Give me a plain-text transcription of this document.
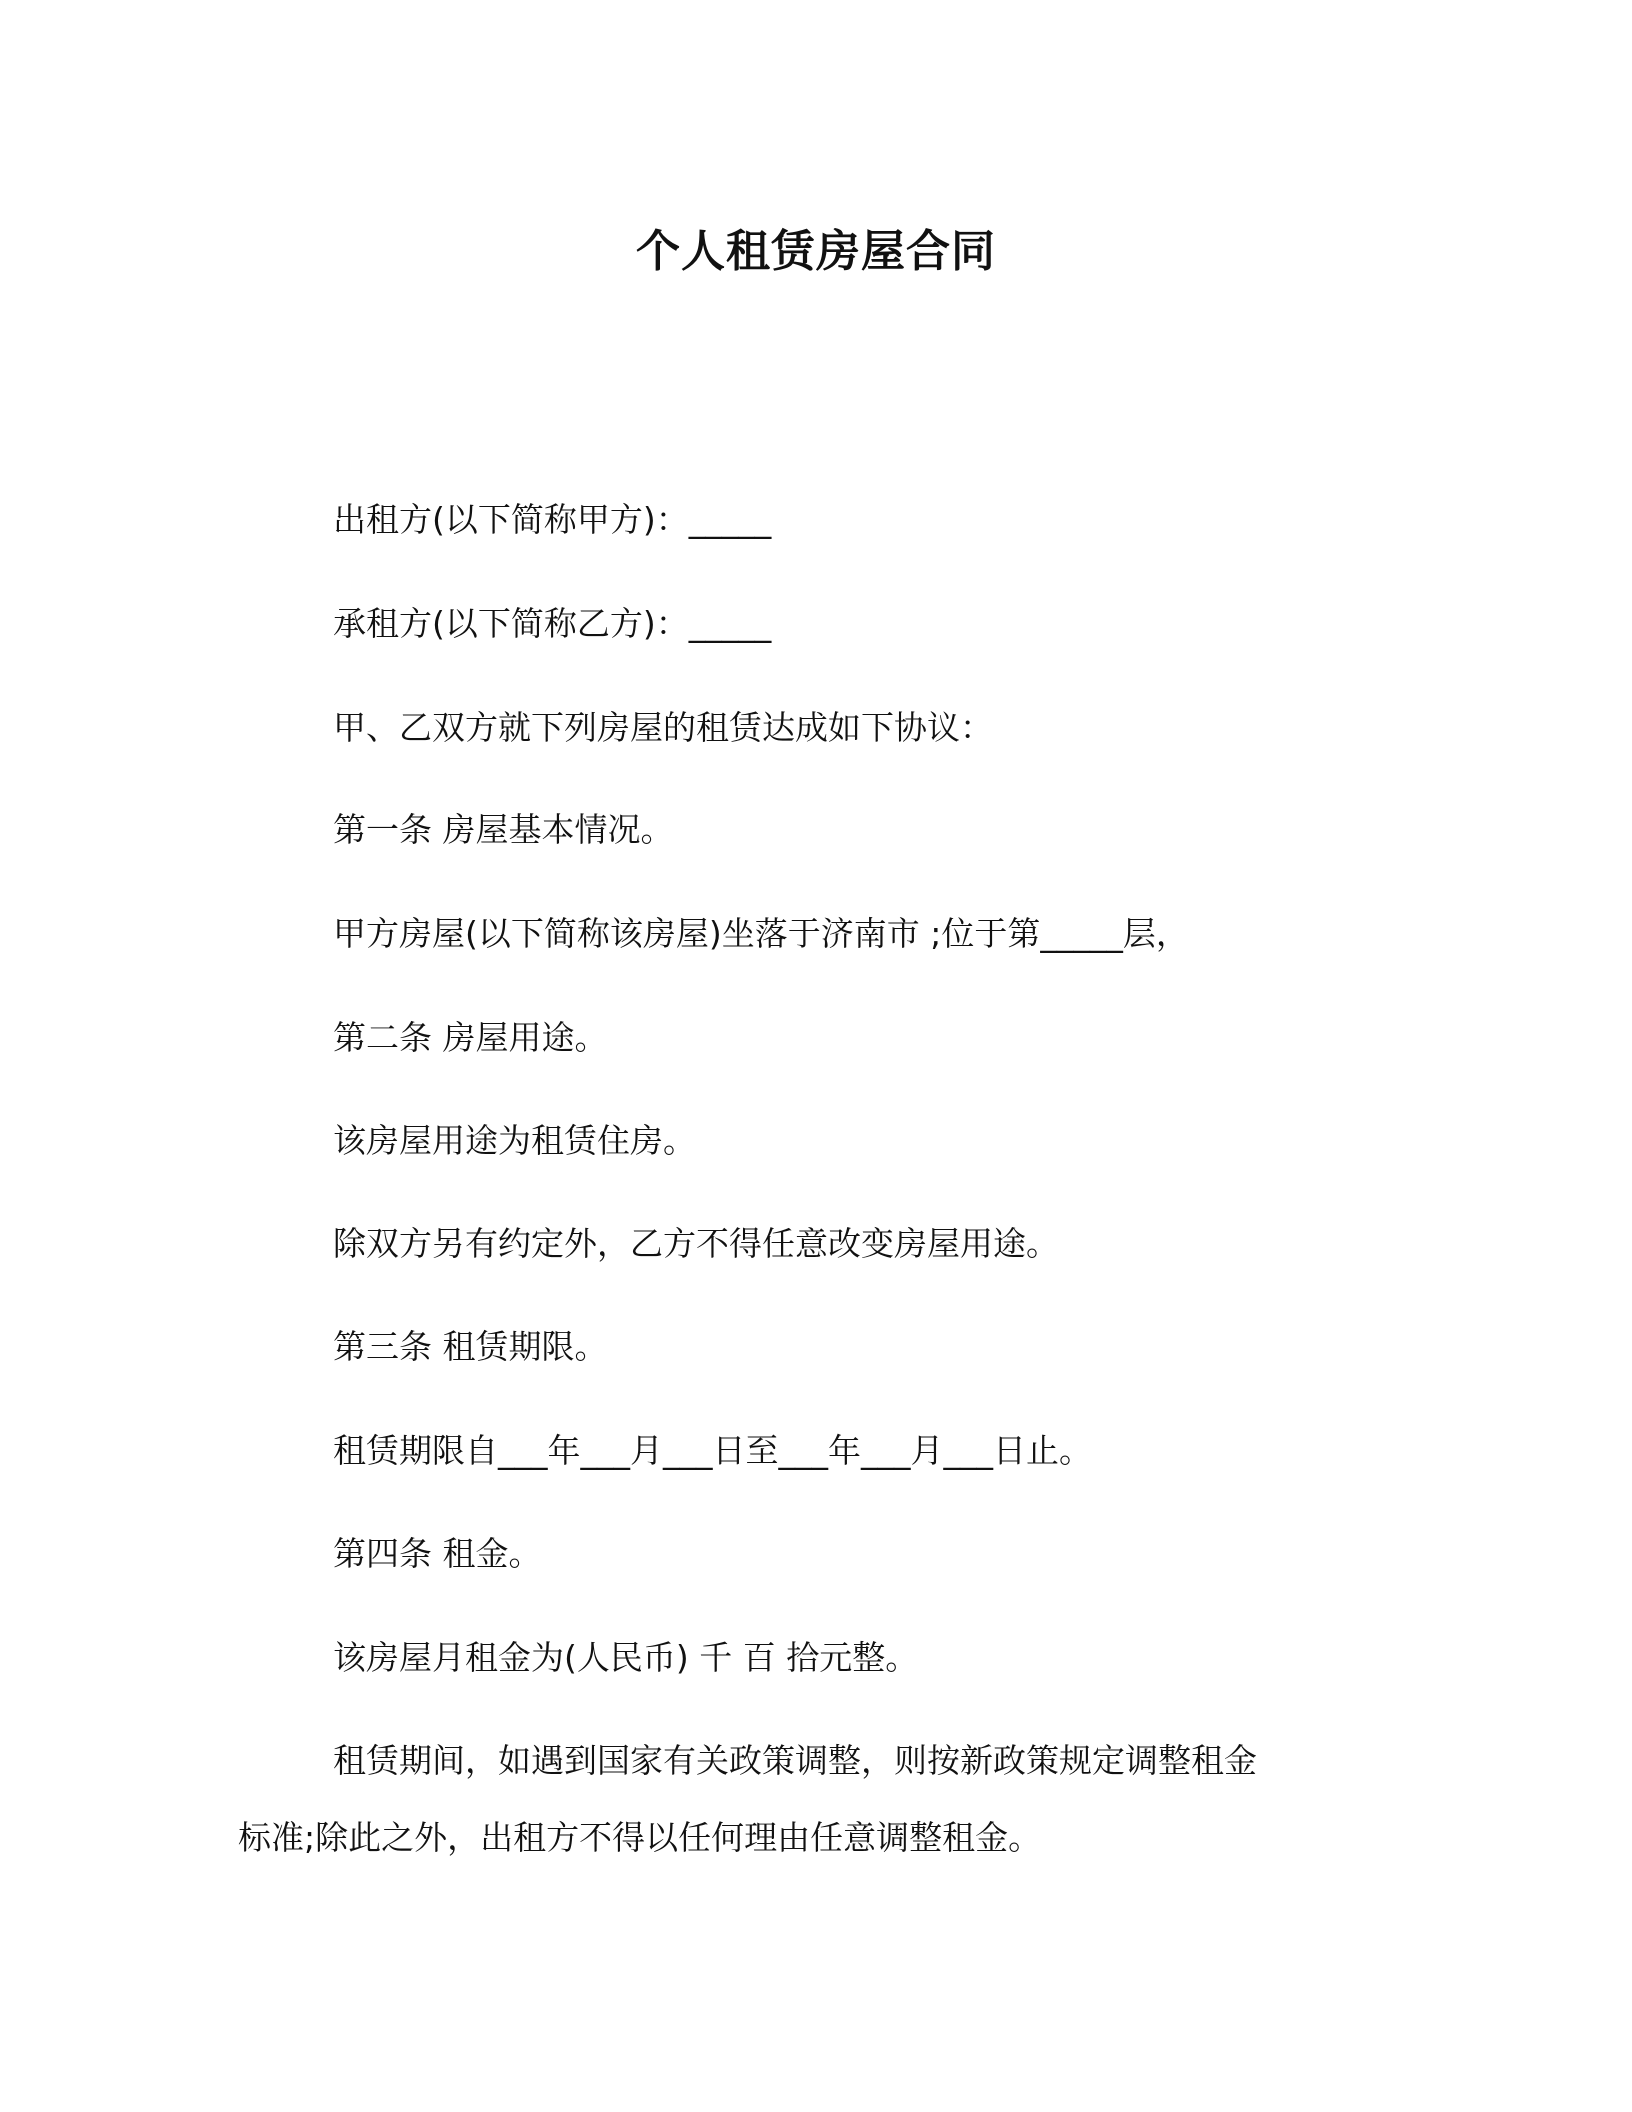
个人租赁房屋合同
出租方(以下简称甲方)：_____
承租方(以下简称乙方)：_____
甲、乙双方就下列房屋的租赁达成如下协议：
第一条 房屋基本情况。
甲方房屋(以下简称该房屋)坐落于济南市 ;位于第_____层，
第二条 房屋用途。
该房屋用途为租赁住房。
除双方另有约定外，乙方不得任意改变房屋用途。
第三条 租赁期限。
租赁期限自___年___月___日至___年___月___日止。
第四条 租金。
该房屋月租金为(人民币) 千 百 拾元整。
租赁期间，如遇到国家有关政策调整，则按新政策规定调整租金
标准;除此之外，出租方不得以任何理由任意调整租金。
